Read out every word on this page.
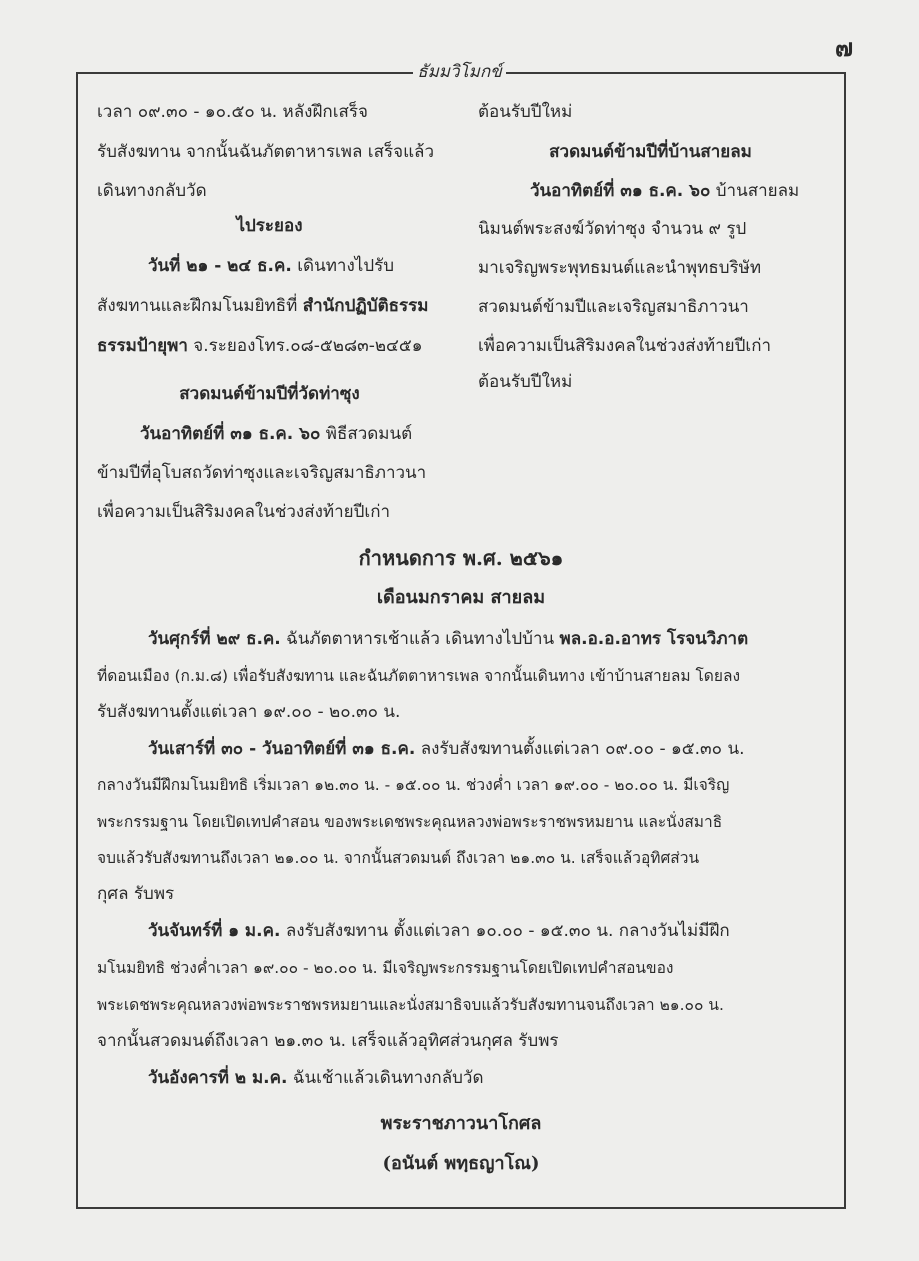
๗
ธัมมวิโมกข์
เวลา ๐๙.๓๐ - ๑๐.๕๐ น. หลังฝึกเสร็จ
รับสังฆทาน จากนั้นฉันภัตตาหารเพล เสร็จแล้ว
เดินทางกลับวัด
ไประยอง
วันที่ ๒๑ - ๒๔ ธ.ค. เดินทางไปรับ
สังฆทานและฝึกมโนมยิทธิที่ สำนักปฏิบัติธรรม
ธรรมป้ายุพา จ.ระยองโทร.๐๘-๕๒๘๓-๒๔๕๑
สวดมนต์ข้ามปีที่วัดท่าซุง
วันอาทิตย์ที่ ๓๑ ธ.ค. ๖๐ พิธีสวดมนต์
ข้ามปีที่อุโบสถวัดท่าซุงและเจริญสมาธิภาวนา
เพื่อความเป็นสิริมงคลในช่วงส่งท้ายปีเก่า
ต้อนรับปีใหม่
สวดมนต์ข้ามปีที่บ้านสายลม
วันอาทิตย์ที่ ๓๑ ธ.ค. ๖๐ บ้านสายลม
นิมนต์พระสงฆ์วัดท่าซุง จำนวน ๙ รูป
มาเจริญพระพุทธมนต์และนำพุทธบริษัท
สวดมนต์ข้ามปีและเจริญสมาธิภาวนา
เพื่อความเป็นสิริมงคลในช่วงส่งท้ายปีเก่า
ต้อนรับปีใหม่
กำหนดการ พ.ศ. ๒๕๖๑
เดือนมกราคม สายลม
วันศุกร์ที่ ๒๙ ธ.ค. ฉันภัตตาหารเช้าแล้ว เดินทางไปบ้าน พล.อ.อ.อาทร โรจนวิภาต
ที่ดอนเมือง (ก.ม.๘) เพื่อรับสังฆทาน และฉันภัตตาหารเพล จากนั้นเดินทาง เข้าบ้านสายลม โดยลง
รับสังฆทานตั้งแต่เวลา ๑๙.๐๐ - ๒๐.๓๐ น.
วันเสาร์ที่ ๓๐ - วันอาทิตย์ที่ ๓๑ ธ.ค. ลงรับสังฆทานตั้งแต่เวลา ๐๙.๐๐ - ๑๕.๓๐ น.
กลางวันมีฝึกมโนมยิทธิ เริ่มเวลา ๑๒.๓๐ น. - ๑๕.๐๐ น. ช่วงค่ำ เวลา ๑๙.๐๐ - ๒๐.๐๐ น. มีเจริญ
พระกรรมฐาน โดยเปิดเทปคำสอน ของพระเดชพระคุณหลวงพ่อพระราชพรหมยาน และนั่งสมาธิ
จบแล้วรับสังฆทานถึงเวลา ๒๑.๐๐ น. จากนั้นสวดมนต์ ถึงเวลา ๒๑.๓๐ น. เสร็จแล้วอุทิศส่วน
กุศล รับพร
วันจันทร์ที่ ๑ ม.ค. ลงรับสังฆทาน ตั้งแต่เวลา ๑๐.๐๐ - ๑๕.๓๐ น. กลางวันไม่มีฝึก
มโนมยิทธิ ช่วงค่ำเวลา ๑๙.๐๐ - ๒๐.๐๐ น. มีเจริญพระกรรมฐานโดยเปิดเทปคำสอนของ
พระเดชพระคุณหลวงพ่อพระราชพรหมยานและนั่งสมาธิจบแล้วรับสังฆทานจนถึงเวลา ๒๑.๐๐ น.
จากนั้นสวดมนต์ถึงเวลา ๒๑.๓๐ น. เสร็จแล้วอุทิศส่วนกุศล รับพร
วันอังคารที่ ๒ ม.ค. ฉันเช้าแล้วเดินทางกลับวัด
พระราชภาวนาโกศล
(อนันต์ พทฺธญาโณ)
